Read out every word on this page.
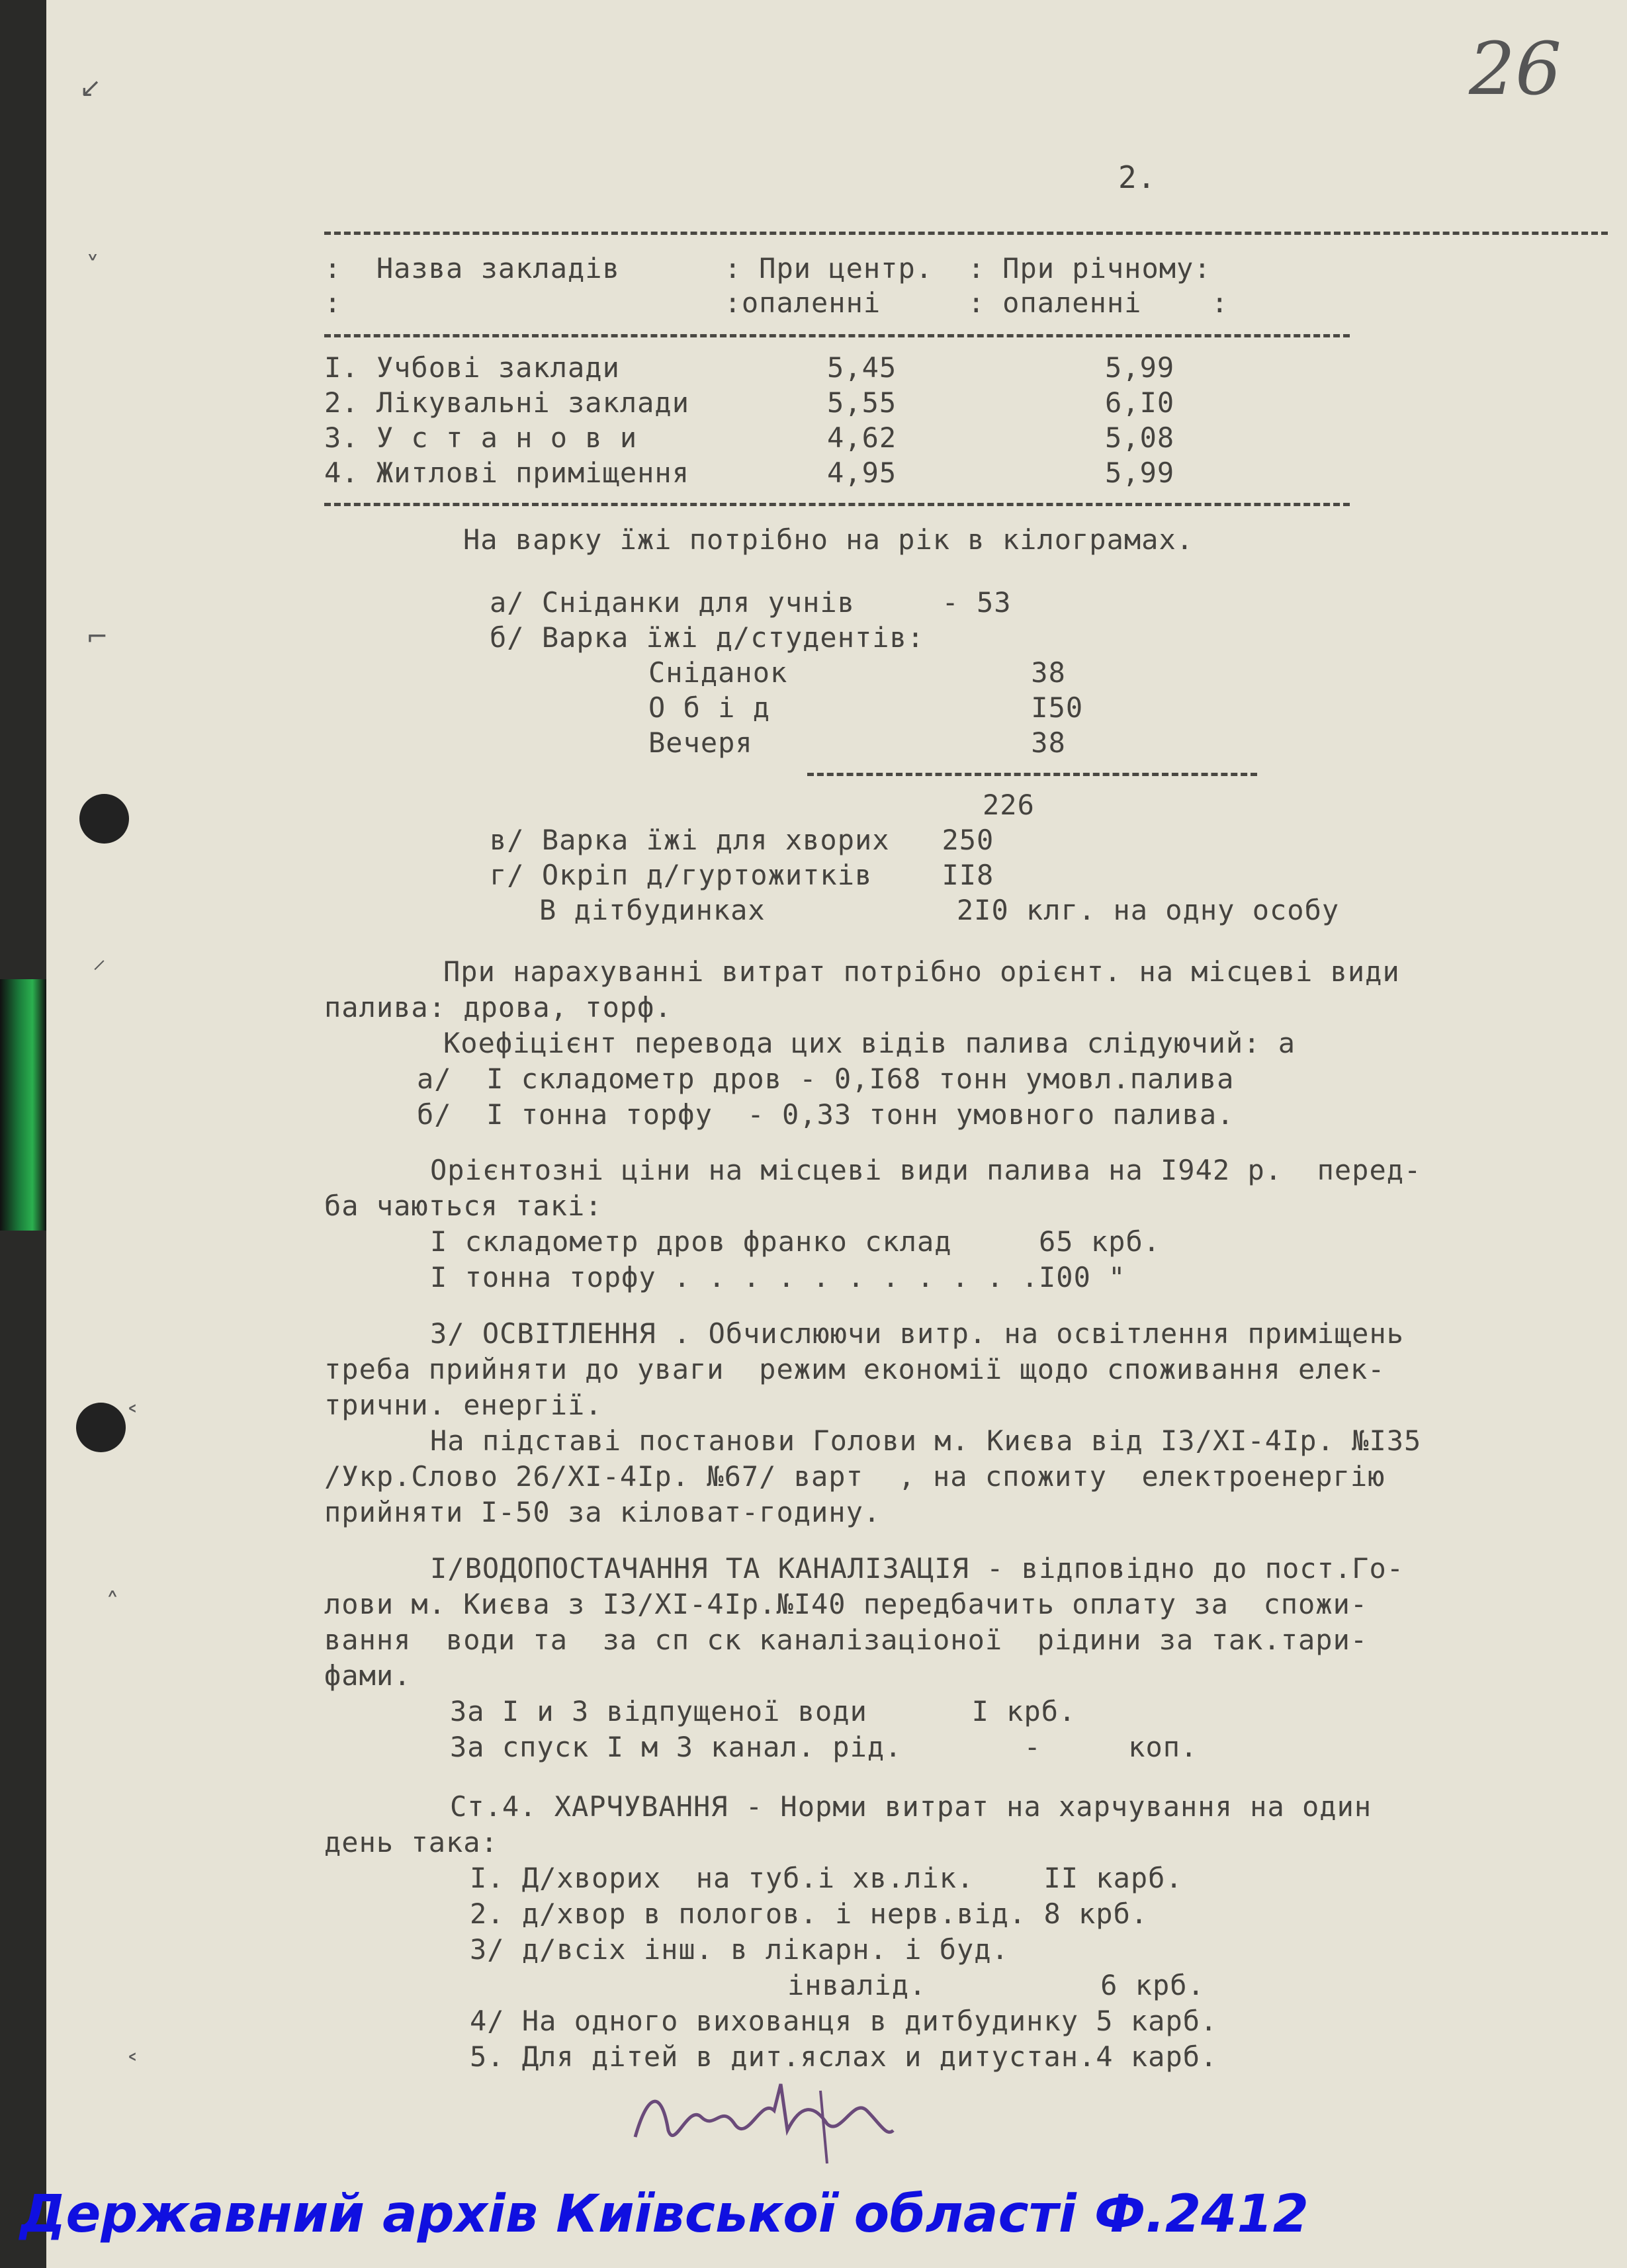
26
2.
:  Назва закладів      : При центр.  : При річному:
:                      :опаленні     : опаленні    :
І. Учбові заклади	5,45	5,99
2. Лікувальні заклади	5,55	6,І0
3. У с т а н о в и	4,62	5,08
4. Житлові приміщення	4,95	5,99
На варку їжі потрібно на рік в кілограмах.
а/ Сніданки для учнів     - 53
б/ Варка їжі д/студентів:
Сніданок              38
О б і д               І50
Вечеря                38
226
в/ Варка їжі для хворих   250
г/ Окріп д/гуртожитків    ІІ8
В дітбудинках           2І0 клг. на одну особу
При нарахуванні витрат потрібно орієнт. на місцеві види
палива: дрова, торф.
Коефіцієнт перевода цих відів палива слідуючий: а
а/  І складометр дров - 0,І68 тонн умовл.палива
б/  І тонна торфу  - 0,33 тонн умовного палива.
Орієнтозні ціни на місцеві види палива на І942 р.  перед-
ба чаються такі:
І складометр дров франко склад     65 крб.
І тонна торфу . . . . . . . . . . .І00 "
3/ ОСВІТЛЕННЯ . Обчислюючи витр. на освітлення приміщень
треба прийняти до уваги  режим економії щодо споживання елек-
трични. енергії.
На підставі постанови Голови м. Києва від ІЗ/ХІ-4Ір. №І35
/Укр.Слово 26/ХІ-4Ір. №67/ варт  , на спожиту  електроенергію
прийняти І-50 за кіловат-годину.
І/ВОДОПОСТАЧАННЯ ТА КАНАЛІЗАЦІЯ - відповідно до пост.Го-
лови м. Києва з ІЗ/ХІ-4Ір.№І40 передбачить оплату за  спожи-
вання  води та  за сп ск каналізаціоної  рідини за так.тари-
фами.
За І и 3 відпущеної води      І крб.
За спуск І м 3 канал. рід.       -     коп.
Ст.4. ХАРЧУВАННЯ - Норми витрат на харчування на один
день така:
І. Д/хворих  на туб.і хв.лік.    ІІ карб.
2. д/хвор в пологов. і нерв.від. 8 крб.
3/ д/всіх інш. в лікарн. і буд.
інвалід.          6 крб.
4/ На одного вихованця в дитбудинку 5 карб.
5. Для дітей в дит.яслах и дитустан.4 карб.
↙
˅
⌐
⸝
˂
˄
˂
Державний архів Київської області Ф.2412
